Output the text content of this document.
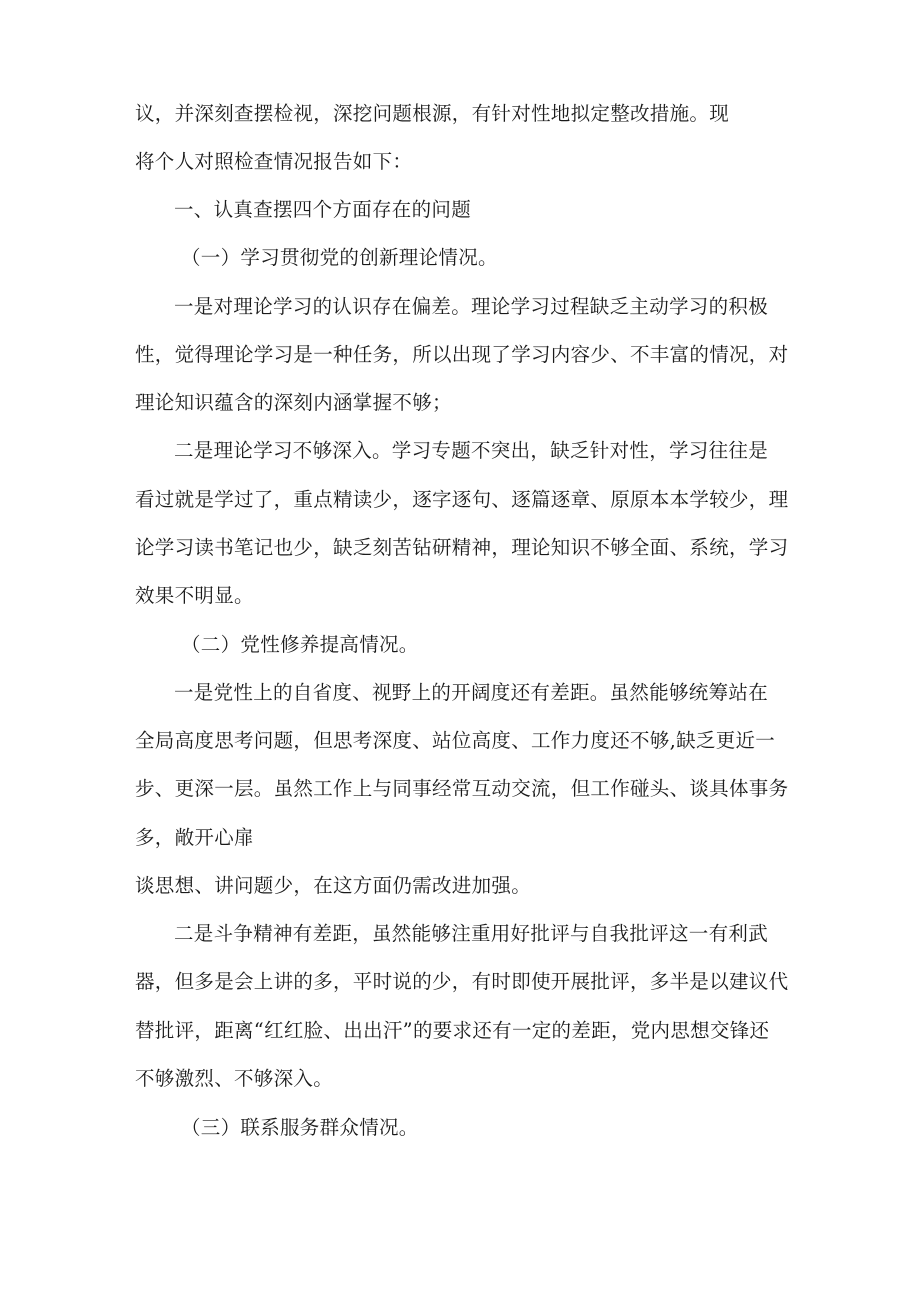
议，并深刻查摆检视，深挖问题根源，有针对性地拟定整改措施。现
将个人对照检查情况报告如下：
一、认真查摆四个方面存在的问题
（一）学习贯彻党的创新理论情况。
一是对理论学习的认识存在偏差。理论学习过程缺乏主动学习的积极
性，觉得理论学习是一种任务，所以出现了学习内容少、不丰富的情况，对
理论知识蕴含的深刻内涵掌握不够；
二是理论学习不够深入。学习专题不突出，缺乏针对性，学习往往是
看过就是学过了，重点精读少，逐字逐句、逐篇逐章、原原本本学较少，理
论学习读书笔记也少，缺乏刻苦钻研精神，理论知识不够全面、系统，学习
效果不明显。
（二）党性修养提高情况。
一是党性上的自省度、视野上的开阔度还有差距。虽然能够统筹站在
全局高度思考问题，但思考深度、站位高度、工作力度还不够,缺乏更近一
步、更深一层。虽然工作上与同事经常互动交流，但工作碰头、谈具体事务
多，敞开心扉
谈思想、讲问题少，在这方面仍需改进加强。
二是斗争精神有差距，虽然能够注重用好批评与自我批评这一有利武
器，但多是会上讲的多，平时说的少，有时即使开展批评，多半是以建议代
替批评，距离“红红脸、出出汗”的要求还有一定的差距，党内思想交锋还
不够激烈、不够深入。
（三）联系服务群众情况。
